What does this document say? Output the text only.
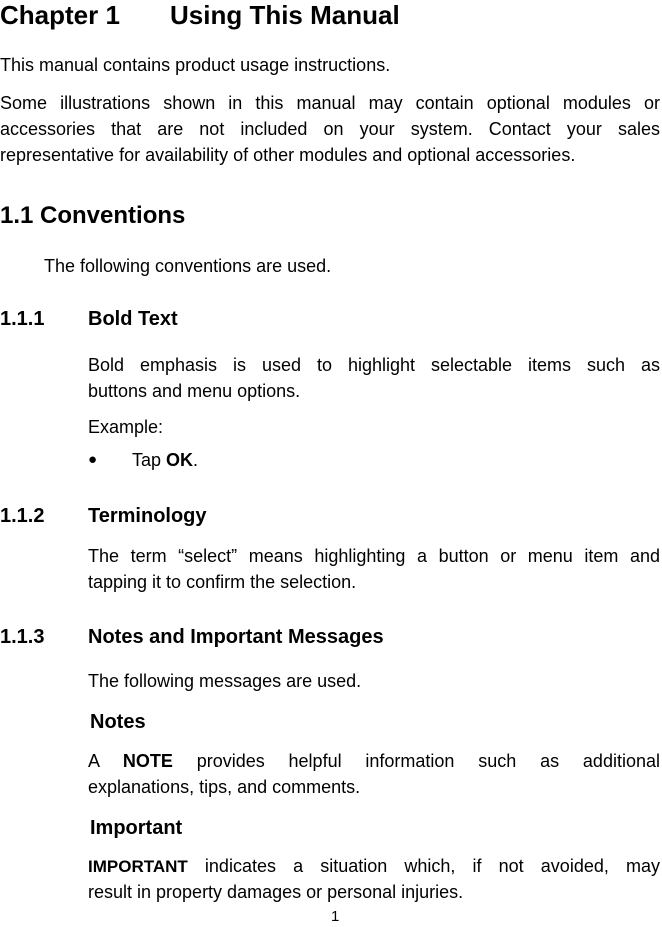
Chapter 1 Using This Manual
This manual contains product usage instructions.
Some illustrations shown in this manual may contain optional modules or
accessories that are not included on your system. Contact your sales
representative for availability of other modules and optional accessories.
1.1 Conventions
The following conventions are used.
1.1.1 Bold Text
Bold emphasis is used to highlight selectable items such as
buttons and menu options.
Example:
● Tap OK.
1.1.2 Terminology
The term “select” means highlighting a button or menu item and
tapping it to confirm the selection.
1.1.3 Notes and Important Messages
The following messages are used.
Notes
A NOTE provides helpful information such as additional
explanations, tips, and comments.
Important
IMPORTANT indicates a situation which, if not avoided, may
result in property damages or personal injuries.
1
